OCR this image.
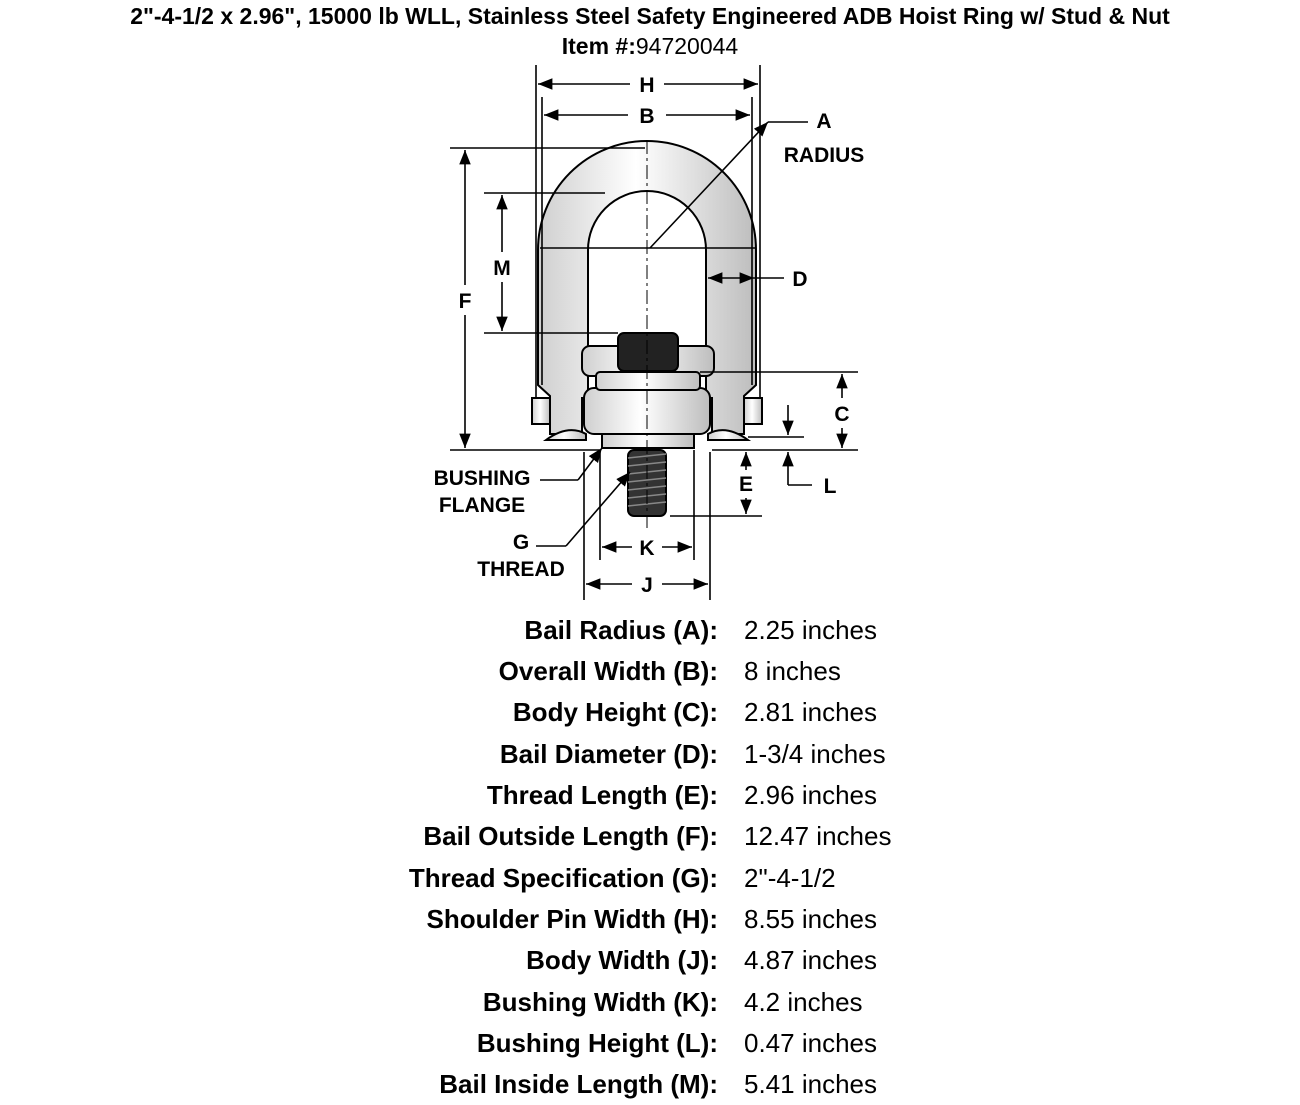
2"-4-1/2 x 2.96", 15000 lb WLL, Stainless Steel Safety Engineered ADB Hoist Ring w/ Stud & Nut
Item #:94720044
H
B	A
RADIUS
M
F
D
C
L
E
BUSHING
FLANGE
G
THREAD
K
J
Bail Radius (A): 2.25 inches
Overall Width (B): 8 inches
Body Height (C): 2.81 inches
Bail Diameter (D): 1-3/4 inches
Thread Length (E): 2.96 inches
Bail Outside Length (F): 12.47 inches
Thread Specification (G): 2"-4-1/2
Shoulder Pin Width (H): 8.55 inches
Body Width (J): 4.87 inches
Bushing Width (K): 4.2 inches
Bushing Height (L): 0.47 inches
Bail Inside Length (M): 5.41 inches
